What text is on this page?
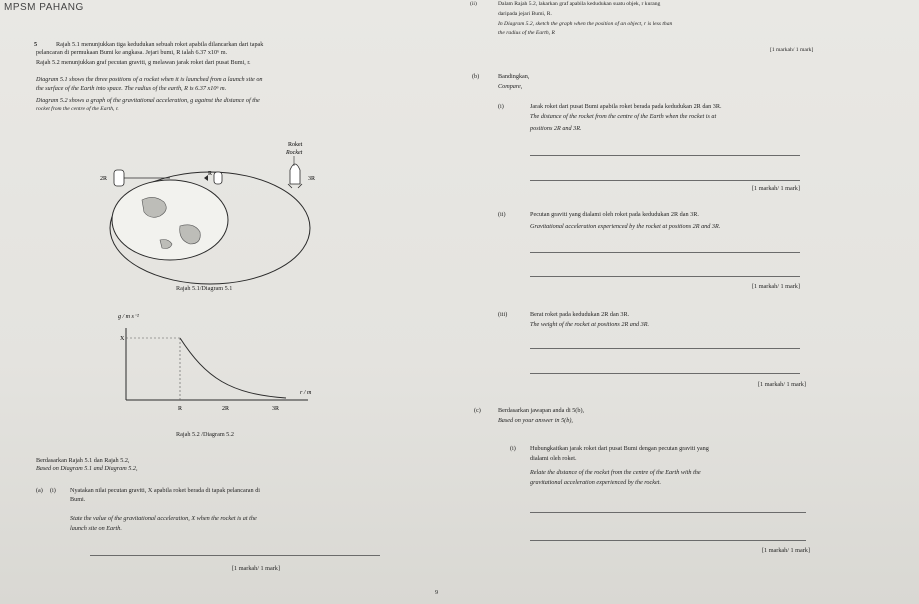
MPSM PAHANG
5	Rajah 5.1 menunjukkan tiga kedudukan sebuah roket apabila dilancarkan dari tapak
pelancaran di permukaan Bumi ke angkasa. Jejari bumi, R ialah 6.37 x10⁶ m.
Rajah 5.2 menunjukkan graf pecutan graviti, g melawan jarak roket dari pusat Bumi, r.
Diagram 5.1 shows the three positions of a rocket when it is launched from a launch site on
the surface of the Earth into space. The radius of the earth, R is 6.37 x10⁶ m.
Diagram 5.2 shows a graph of the gravitational acceleration, g against the distance of the
rocket from the centre of the Earth, r.
Roket
Rocket
2R
R
3R
Rajah 5.1/Diagram 5.1
g / m s⁻²
X
r / m
R	2R	3R
Rajah 5.2 /Diagram 5.2
Berdasarkan Rajah 5.1 dan Rajah 5.2,
Based on Diagram 5.1 and Diagram 5.2,
(a) (i) Nyatakan nilai pecutan graviti, X apabila roket berada di tapak pelancaran di
Bumi.
State the value of the gravitational acceleration, X when the rocket is at the
launch site on Earth.
[1 markah/ 1 mark]
(ii)	Dalam Rajah 5.2, lakarkan graf apabila kedudukan suatu objek, r kurang
daripada jejari Bumi, R.
In Diagram 5.2, sketch the graph when the position of an object, r is less than
the radius of the Earth, R
[1 markah/ 1 mark]
(b)	Bandingkan,
Compare,
(i)	Jarak roket dari pusat Bumi apabila roket berada pada kedudukan 2R dan 3R.
The distance of the rocket from the centre of the Earth when the rocket is at
positions 2R and 3R.
[1 markah/ 1 mark]
(ii)	Pecutan graviti yang dialami oleh roket pada kedudukan 2R dan 3R.
Gravitational acceleration experienced by the rocket at positions 2R and 3R.
[1 markah/ 1 mark]
(iii)	Berat roket pada kedudukan 2R dan 3R.
The weight of the rocket at positions 2R and 3R.
[1 markah/ 1 mark]
(c)	Berdasarkan jawapan anda di 5(b),
Based on your answer in 5(b),
(i) Hubungkaitkan jarak roket dari pusat Bumi dengan pecutan graviti yang
dialami oleh roket.
Relate the distance of the rocket from the centre of the Earth with the
gravitational acceleration experienced by the rocket.
[1 markah/ 1 mark]
9
